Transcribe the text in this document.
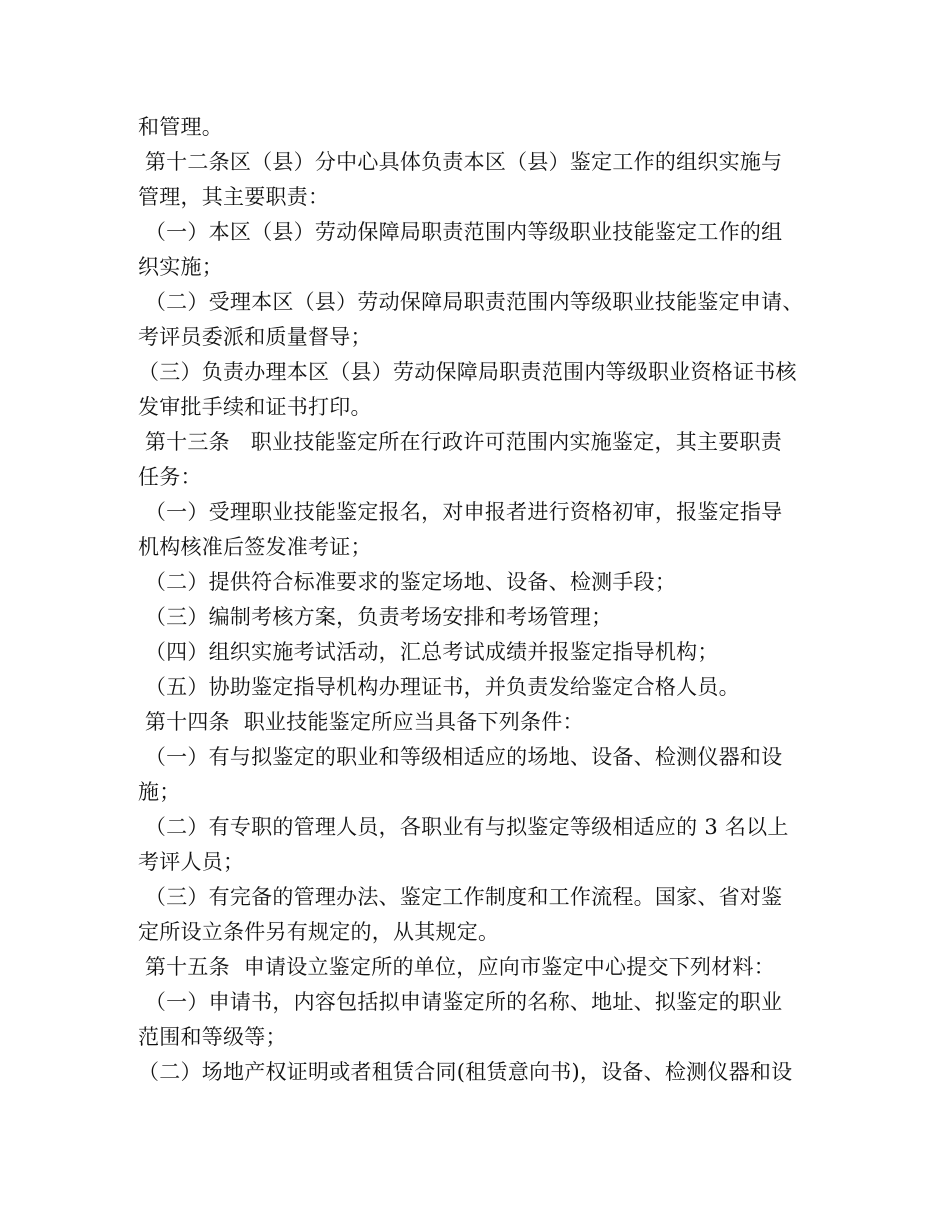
和管理。
第十二条区（县）分中心具体负责本区（县）鉴定工作的组织实施与
管理，其主要职责：
（一）本区（县）劳动保障局职责范围内等级职业技能鉴定工作的组
织实施；
（二）受理本区（县）劳动保障局职责范围内等级职业技能鉴定申请、
考评员委派和质量督导；
（三）负责办理本区（县）劳动保障局职责范围内等级职业资格证书核
发审批手续和证书打印。
第十三条   职业技能鉴定所在行政许可范围内实施鉴定，其主要职责
任务：
（一）受理职业技能鉴定报名，对申报者进行资格初审，报鉴定指导
机构核准后签发准考证；
（二）提供符合标准要求的鉴定场地、设备、检测手段；
（三）编制考核方案，负责考场安排和考场管理；
（四）组织实施考试活动，汇总考试成绩并报鉴定指导机构；
（五）协助鉴定指导机构办理证书，并负责发给鉴定合格人员。
第十四条  职业技能鉴定所应当具备下列条件：
（一）有与拟鉴定的职业和等级相适应的场地、设备、检测仪器和设
施；
（二）有专职的管理人员，各职业有与拟鉴定等级相适应的 3 名以上
考评人员；
（三）有完备的管理办法、鉴定工作制度和工作流程。国家、省对鉴
定所设立条件另有规定的，从其规定。
第十五条  申请设立鉴定所的单位，应向市鉴定中心提交下列材料：
（一）申请书，内容包括拟申请鉴定所的名称、地址、拟鉴定的职业
范围和等级等；
（二）场地产权证明或者租赁合同(租赁意向书)，设备、检测仪器和设
